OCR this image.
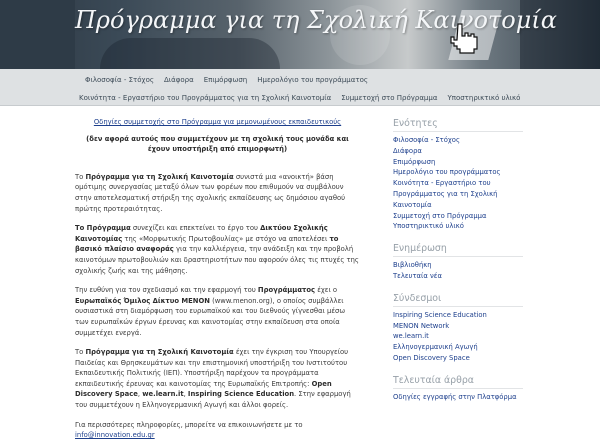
Πρόγραμμα για τη Σχολική Καινοτομία
Φιλοσοφία - Στόχος	Διάφορα	Επιμόρφωση	Ημερολόγιο του προγράμματος
Κοινότητα - Εργαστήριο του Προγράμματος για τη Σχολική Καινοτομία	Συμμετοχή στο Πρόγραμμα	Υποστηρικτικό υλικό

Οδηγίες συμμετοχής στο Πρόγραμμα για μεμονωμένους εκπαιδευτικούς

(δεν αφορά αυτούς που συμμετέχουν με τη σχολική τους μονάδα και έχουν υποστήριξη από επιμορφωτή)

Το Πρόγραμμα για τη Σχολική Καινοτομία συνιστά μια «ανοικτή» βάση ομότιμης συνεργασίας μεταξύ όλων των φορέων που επιθυμούν να συμβάλουν στην αποτελεσματική στήριξη της σχολικής εκπαίδευσης ως δημόσιου αγαθού πρώτης προτεραιότητας.

Το Πρόγραμμα συνεχίζει και επεκτείνει το έργο του Δικτύου Σχολικής Καινοτομίας της «Μορφωτικής Πρωτοβουλίας» με στόχο να αποτελέσει το βασικό πλαίσιο αναφοράς για την καλλιέργεια, την ανάδειξη και την προβολή καινοτόμων πρωτοβουλιών και δραστηριοτήτων που αφορούν όλες τις πτυχές της σχολικής ζωής και της μάθησης.

Την ευθύνη για τον σχεδιασμό και την εφαρμογή του Προγράμματος έχει ο Ευρωπαϊκός Όμιλος Δίκτυο MENON (www.menon.org), ο οποίος συμβάλλει ουσιαστικά στη διαμόρφωση του ευρωπαϊκού και του διεθνούς γίγνεσθαι μέσω των ευρωπαϊκών έργων έρευνας και καινοτομίας στην εκπαίδευση στα οποία συμμετέχει ενεργά.

Το Πρόγραμμα για τη Σχολική Καινοτομία έχει την έγκριση του Υπουργείου Παιδείας και Θρησκευμάτων και την επιστημονική υποστήριξη του Ινστιτούτου Εκπαιδευτικής Πολιτικής (ΙΕΠ). Υποστήριξη παρέχουν τα προγράμματα εκπαιδευτικής έρευνας και καινοτομίας της Ευρωπαϊκής Επιτροπής: Open Discovery Space, we.learn.it, Inspiring Science Education. Στην εφαρμογή του συμμετέχουν η Ελληνογερμανική Αγωγή και άλλοι φορείς.

Για περισσότερες πληροφορίες, μπορείτε να επικοινωνήσετε με το info@innovation.edu.gr

Ενότητες
Φιλοσοφία - Στόχος
Διάφορα
Επιμόρφωση
Ημερολόγιο του προγράμματος
Κοινότητα - Εργαστήριο του Προγράμματος για τη Σχολική Καινοτομία
Συμμετοχή στο Πρόγραμμα
Υποστηρικτικό υλικό
Ενημέρωση
Βιβλιοθήκη
Τελευταία νέα
Σύνδεσμοι
Inspiring Science Education
MENON Network
we.learn.it
Ελληνογερμανική Αγωγή
Open Discovery Space
Τελευταία άρθρα
Οδηγίες εγγραφής στην Πλατφόρμα
